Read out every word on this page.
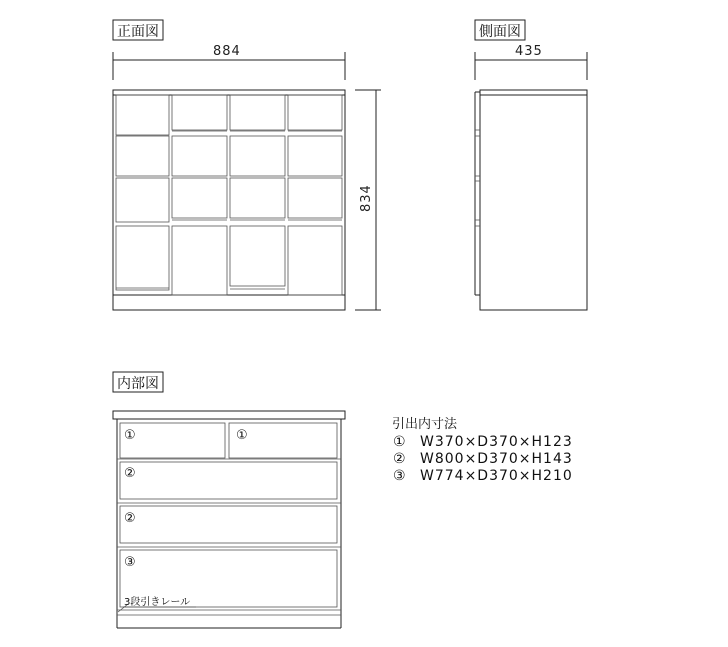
正面図
884
834
側面図
435
内部図
①	①
②
②
③
3段引きレール
引出内寸法
① W370×D370×H123
② W800×D370×H143
③ W774×D370×H210
